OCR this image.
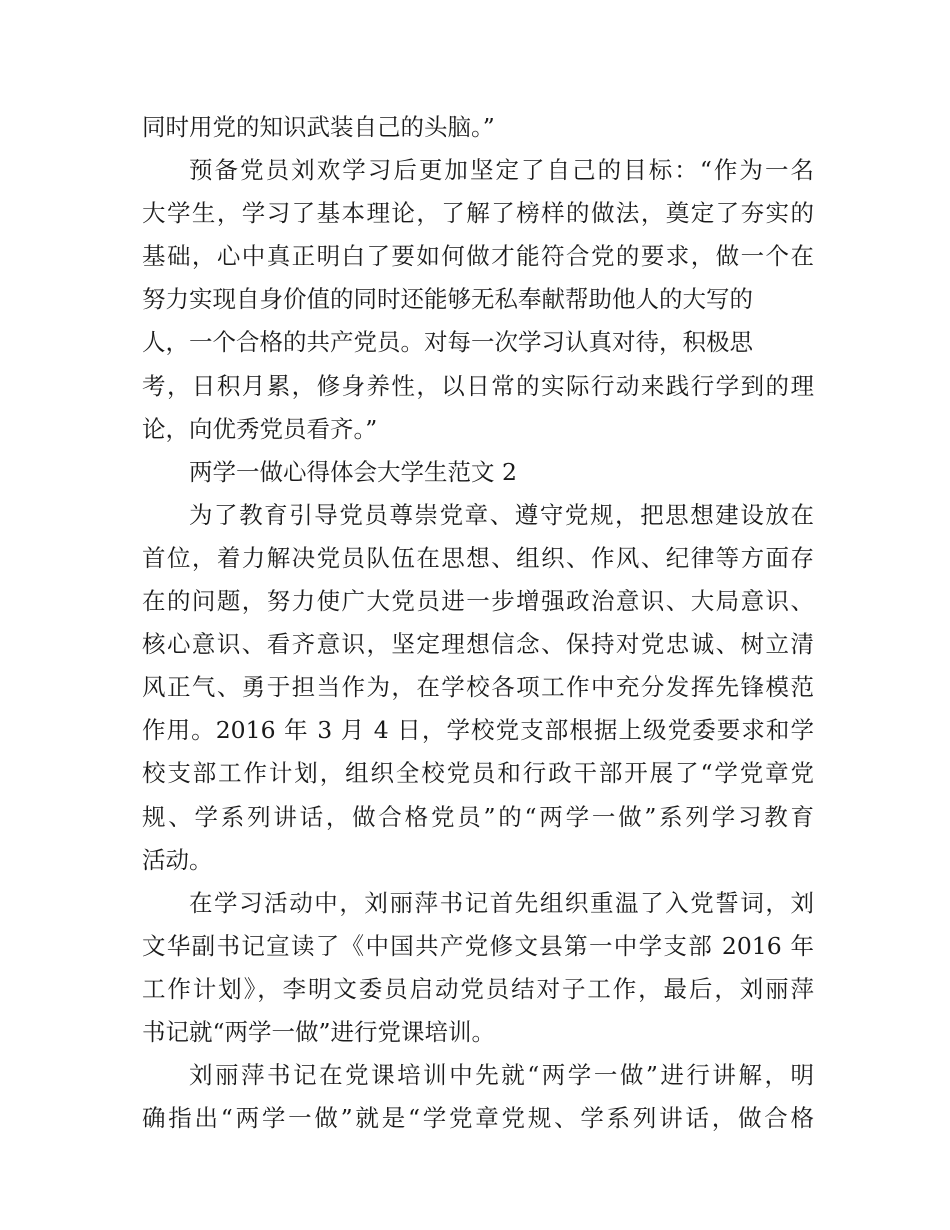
同时用党的知识武装自己的头脑。”
预备党员刘欢学习后更加坚定了自己的目标：“作为一名
大学生，学习了基本理论，了解了榜样的做法，奠定了夯实的
基础，心中真正明白了要如何做才能符合党的要求，做一个在
努力实现自身价值的同时还能够无私奉献帮助他人的大写的
人，一个合格的共产党员。对每一次学习认真对待，积极思
考，日积月累，修身养性，以日常的实际行动来践行学到的理
论，向优秀党员看齐。”
两学一做心得体会大学生范文 2
为了教育引导党员尊崇党章、遵守党规，把思想建设放在
首位，着力解决党员队伍在思想、组织、作风、纪律等方面存
在的问题，努力使广大党员进一步增强政治意识、大局意识、
核心意识、看齐意识，坚定理想信念、保持对党忠诚、树立清
风正气、勇于担当作为，在学校各项工作中充分发挥先锋模范
作用。2016 年 3 月 4 日，学校党支部根据上级党委要求和学
校支部工作计划，组织全校党员和行政干部开展了“学党章党
规、学系列讲话，做合格党员”的“两学一做”系列学习教育
活动。
在学习活动中，刘丽萍书记首先组织重温了入党誓词，刘
文华副书记宣读了《中国共产党修文县第一中学支部 2016 年
工作计划》，李明文委员启动党员结对子工作，最后，刘丽萍
书记就“两学一做”进行党课培训。
刘丽萍书记在党课培训中先就“两学一做”进行讲解，明
确指出“两学一做”就是“学党章党规、学系列讲话，做合格
